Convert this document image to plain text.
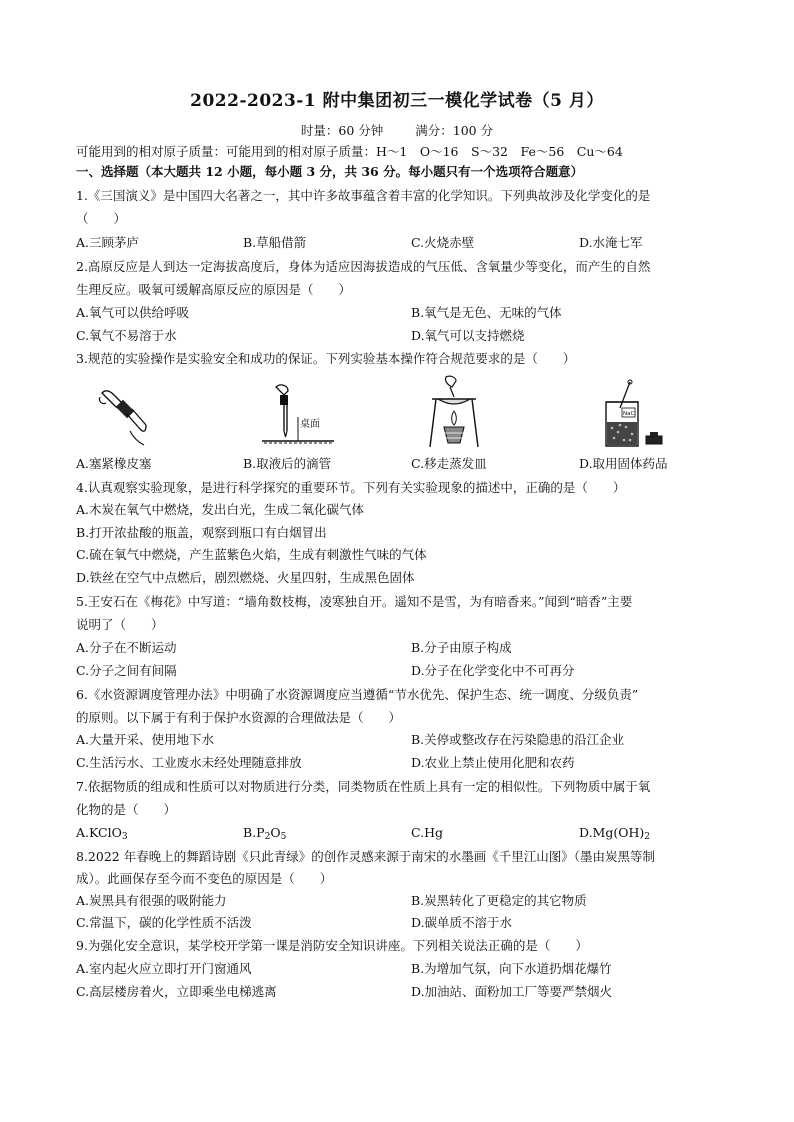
2022-2023-1 附中集团初三一模化学试卷（5 月）
时量：60 分钟	满分：100 分
可能用到的相对原子质量：可能用到的相对原子质量：H～1　O～16　S～32　Fe～56　Cu～64
一、选择题（本大题共 12 小题，每小题 3 分，共 36 分。每小题只有一个选项符合题意）
1.《三国演义》是中国四大名著之一，其中许多故事蕴含着丰富的化学知识。下列典故涉及化学变化的是
（　　）
A.三顾茅庐	B.草船借箭	C.火烧赤壁	D.水淹七军
2.高原反应是人到达一定海拔高度后，身体为适应因海拔造成的气压低、含氧量少等变化，而产生的自然
生理反应。吸氧可缓解高原反应的原因是（　　）
A.氧气可以供给呼吸	B.氧气是无色、无味的气体
C.氧气不易溶于水	D.氧气可以支持燃烧
3.规范的实验操作是实验安全和成功的保证。下列实验基本操作符合规范要求的是（　　）
桌面
NaCl
A.塞紧橡皮塞	B.取液后的滴管	C.移走蒸发皿	D.取用固体药品
4.认真观察实验现象，是进行科学探究的重要环节。下列有关实验现象的描述中，正确的是（　　）
A.木炭在氧气中燃烧，发出白光，生成二氧化碳气体
B.打开浓盐酸的瓶盖，观察到瓶口有白烟冒出
C.硫在氧气中燃烧，产生蓝紫色火焰，生成有刺激性气味的气体
D.铁丝在空气中点燃后，剧烈燃烧、火星四射，生成黑色固体
5.王安石在《梅花》中写道：“墙角数枝梅，凌寒独自开。遥知不是雪，为有暗香来。”闻到“暗香”主要
说明了（　　）
A.分子在不断运动	B.分子由原子构成
C.分子之间有间隔	D.分子在化学变化中不可再分
6.《水资源调度管理办法》中明确了水资源调度应当遵循“节水优先、保护生态、统一调度、分级负责”
的原则。以下属于有利于保护水资源的合理做法是（　　）
A.大量开采、使用地下水	B.关停或整改存在污染隐患的沿江企业
C.生活污水、工业废水未经处理随意排放	D.农业上禁止使用化肥和农药
7.依据物质的组成和性质可以对物质进行分类，同类物质在性质上具有一定的相似性。下列物质中属于氧
化物的是（　　）
A.KClO$_3$	$B.P_2O_5$	C.Hg	$D.Mg(OH)_2$
8.2022 年春晚上的舞蹈诗剧《只此青绿》的创作灵感来源于南宋的水墨画《千里江山图》（墨由炭黑等制
成）。此画保存至今而不变色的原因是（　　）
A.炭黑具有很强的吸附能力	B.炭黑转化了更稳定的其它物质
C.常温下，碳的化学性质不活泼	D.碳单质不溶于水
9.为强化安全意识，某学校开学第一课是消防安全知识讲座。下列相关说法正确的是（　　）
A.室内起火应立即打开门窗通风	B.为增加气氛，向下水道扔烟花爆竹
C.高层楼房着火，立即乘坐电梯逃离	D.加油站、面粉加工厂等要严禁烟火
